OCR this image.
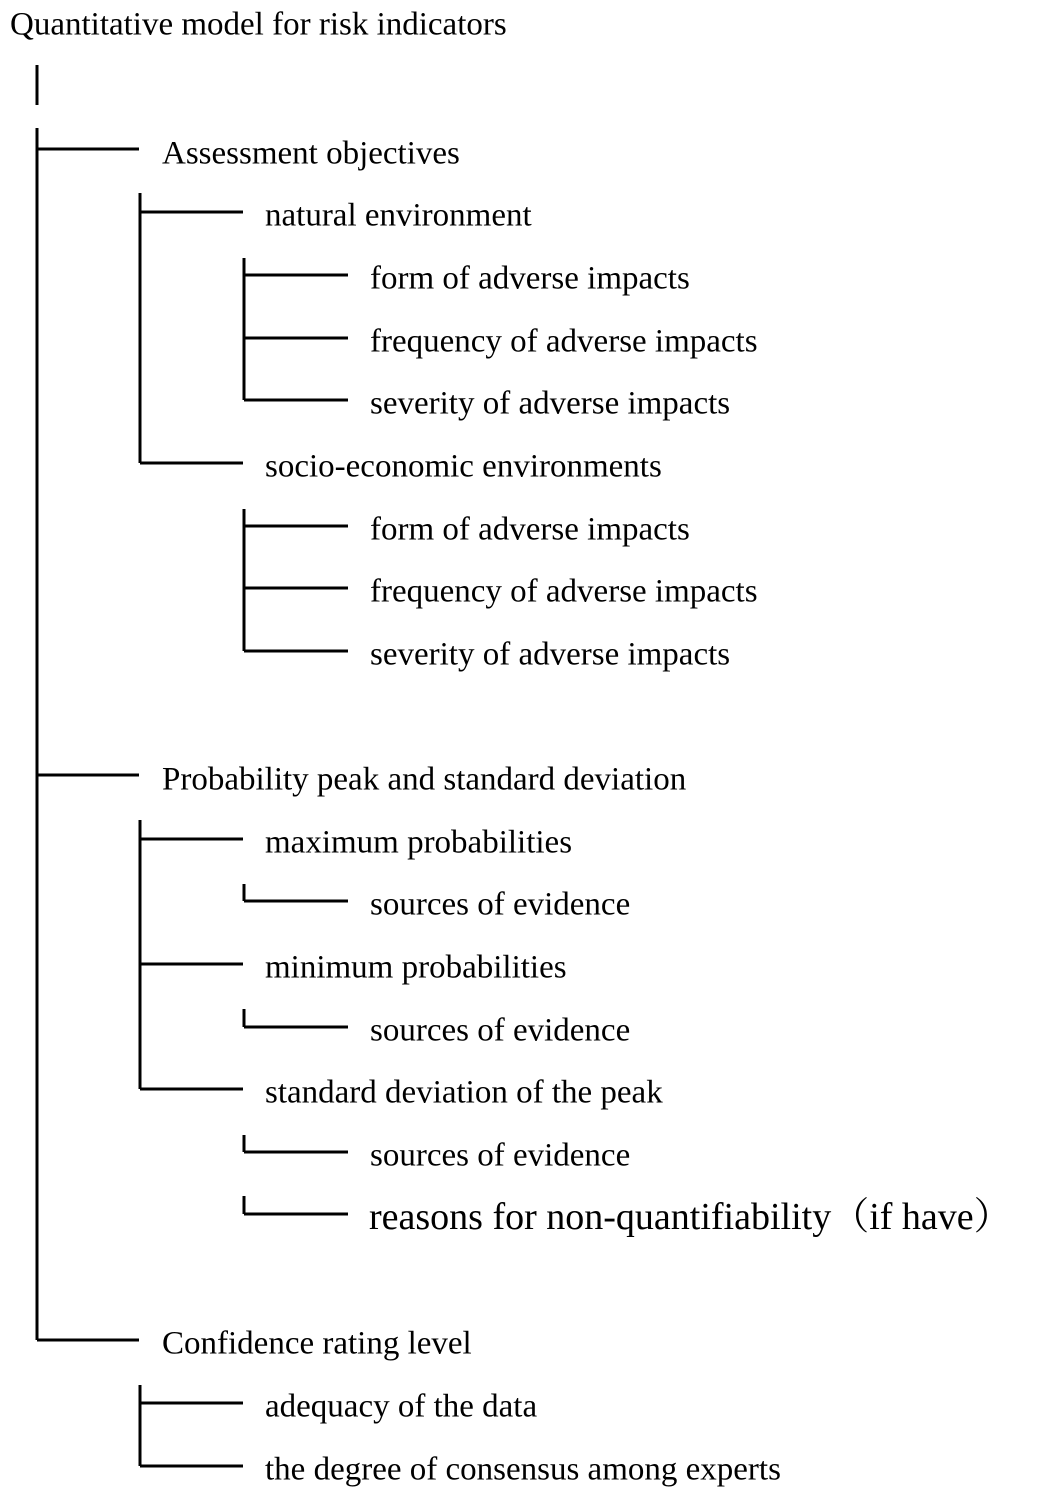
Quantitative model for risk indicators

Assessment objectives

natural environment

form of adverse impacts

frequency of adverse impacts

severity of adverse impacts

socio-economic environments

form of adverse impacts

frequency of adverse impacts

severity of adverse impacts

Probability peak and standard deviation

maximum probabilities

sources of evidence

minimum probabilities

sources of evidence

standard deviation of the peak

sources of evidence

reasons for non-quantifiability（if have）

Confidence rating level

adequacy of the data

the degree of consensus among experts
